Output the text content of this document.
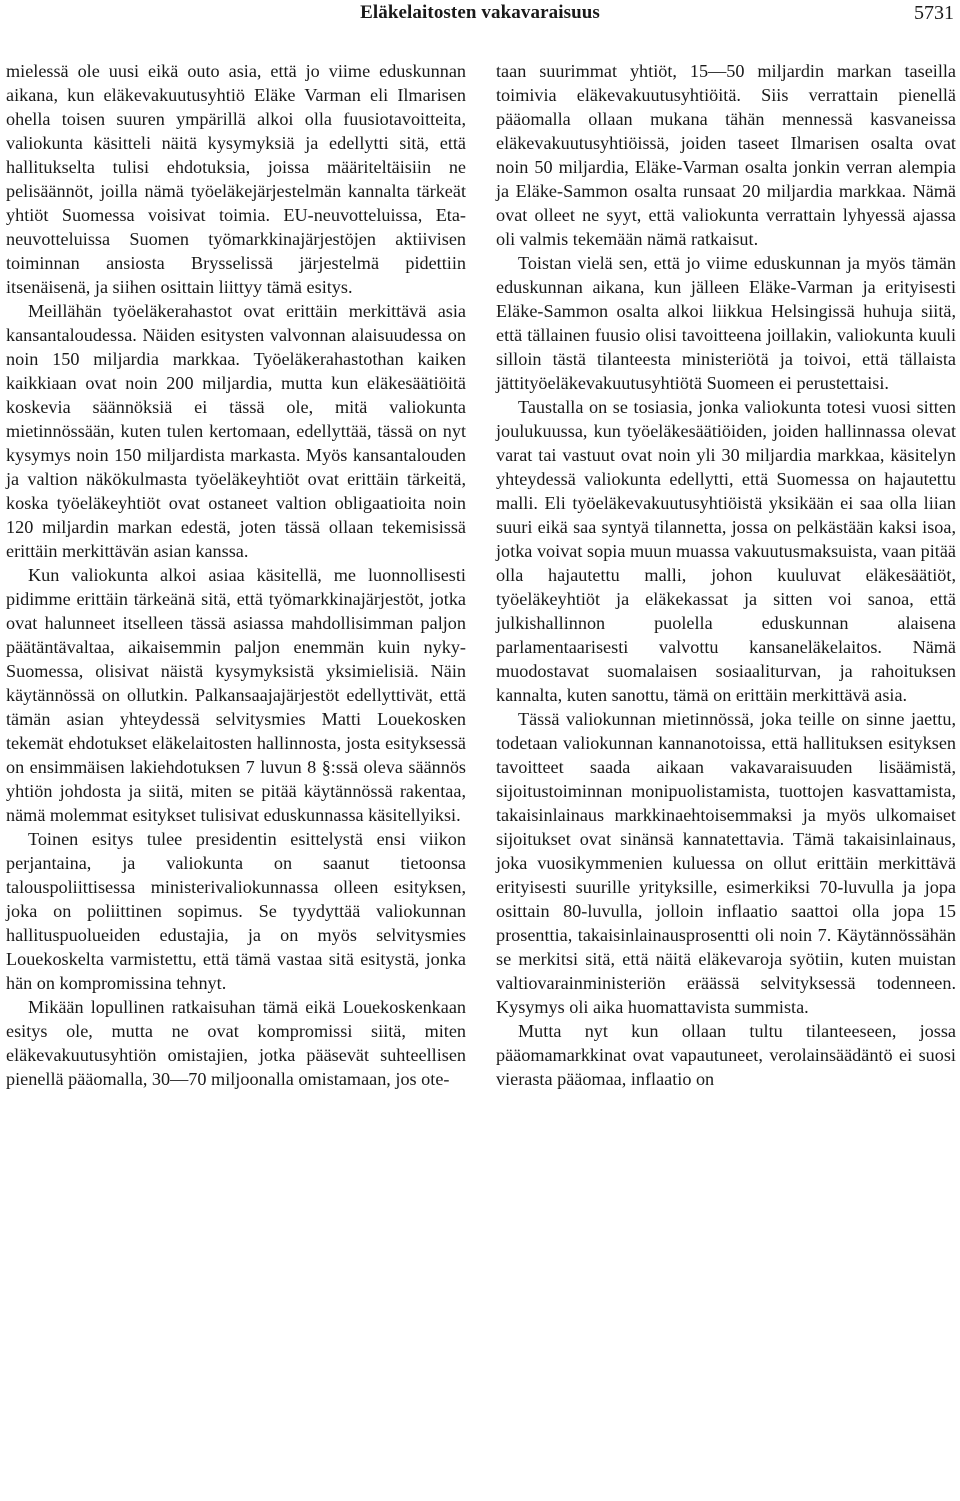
Eläkelaitosten vakavaraisuus	5731

mielessä ole uusi eikä outo asia, että jo viime eduskunnan aikana, kun eläkevakuutusyhtiö Eläke Varman eli Ilmarisen ohella toisen suuren ympärillä alkoi olla fuusiotavoitteita, valiokunta käsitteli näitä kysymyksiä ja edellytti sitä, että hallitukselta tulisi ehdotuksia, joissa määriteltäisiin ne pelisäännöt, joilla nämä työeläkejärjestelmän kannalta tärkeät yhtiöt Suomessa voisivat toimia. EU-neuvotteluissa, Eta-neuvotteluissa Suomen työmarkkinajärjestöjen aktiivisen toiminnan ansiosta Brysselissä järjestelmä pidettiin itsenäisenä, ja siihen osittain liittyy tämä esitys.

Meillähän työeläkerahastot ovat erittäin merkittävä asia kansantaloudessa. Näiden esitysten valvonnan alaisuudessa on noin 150 miljardia markkaa. Työeläkerahastothan kaiken kaikkiaan ovat noin 200 miljardia, mutta kun eläkesäätiöitä koskevia säännöksiä ei tässä ole, mitä valiokunta mietinnössään, kuten tulen kertomaan, edellyttää, tässä on nyt kysymys noin 150 miljardista markasta. Myös kansantalouden ja valtion näkökulmasta työeläkeyhtiöt ovat erittäin tärkeitä, koska työeläkeyhtiöt ovat ostaneet valtion obligaatioita noin 120 miljardin markan edestä, joten tässä ollaan tekemisissä erittäin merkittävän asian kanssa.

Kun valiokunta alkoi asiaa käsitellä, me luonnollisesti pidimme erittäin tärkeänä sitä, että työmarkkinajärjestöt, jotka ovat halunneet itselleen tässä asiassa mahdollisimman paljon päätäntävaltaa, aikaisemmin paljon enemmän kuin nyky-Suomessa, olisivat näistä kysymyksistä yksimielisiä. Näin käytännössä on ollutkin. Palkansaajajärjestöt edellyttivät, että tämän asian yhteydessä selvitysmies Matti Louekosken tekemät ehdotukset eläkelaitosten hallinnosta, josta esityksessä on ensimmäisen lakiehdotuksen 7 luvun 8 §:ssä oleva säännös yhtiön johdosta ja siitä, miten se pitää käytännössä rakentaa, nämä molemmat esitykset tulisivat eduskunnassa käsitellyiksi.

Toinen esitys tulee presidentin esittelystä ensi viikon perjantaina, ja valiokunta on saanut tietoonsa talouspoliittisessa ministerivaliokunnassa olleen esityksen, joka on poliittinen sopimus. Se tyydyttää valiokunnan hallituspuolueiden edustajia, ja on myös selvitysmies Louekoskelta varmistettu, että tämä vastaa sitä esitystä, jonka hän on kompromissina tehnyt.

Mikään lopullinen ratkaisuhan tämä eikä Louekoskenkaan esitys ole, mutta ne ovat kompromissi siitä, miten eläkevakuutusyhtiön omistajien, jotka pääsevät suhteellisen pienellä pääomalla, 30—70 miljoonalla omistamaan, jos ote-

taan suurimmat yhtiöt, 15—50 miljardin markan taseilla toimivia eläkevakuutusyhtiöitä. Siis verrattain pienellä pääomalla ollaan mukana tähän mennessä kasvaneissa eläkevakuutusyhtiöissä, joiden taseet Ilmarisen osalta ovat noin 50 miljardia, Eläke-Varman osalta jonkin verran alempia ja Eläke-Sammon osalta runsaat 20 miljardia markkaa. Nämä ovat olleet ne syyt, että valiokunta verrattain lyhyessä ajassa oli valmis tekemään nämä ratkaisut.

Toistan vielä sen, että jo viime eduskunnan ja myös tämän eduskunnan aikana, kun jälleen Eläke-Varman ja erityisesti Eläke-Sammon osalta alkoi liikkua Helsingissä huhuja siitä, että tällainen fuusio olisi tavoitteena joillakin, valiokunta kuuli silloin tästä tilanteesta ministeriötä ja toivoi, että tällaista jättityöeläkevakuutusyhtiötä Suomeen ei perustettaisi.

Taustalla on se tosiasia, jonka valiokunta totesi vuosi sitten joulukuussa, kun työeläkesäätiöiden, joiden hallinnassa olevat varat tai vastuut ovat noin yli 30 miljardia markkaa, käsitelyn yhteydessä valiokunta edellytti, että Suomessa on hajautettu malli. Eli työeläkevakuutusyhtiöistä yksikään ei saa olla liian suuri eikä saa syntyä tilannetta, jossa on pelkästään kaksi isoa, jotka voivat sopia muun muassa vakuutusmaksuista, vaan pitää olla hajautettu malli, johon kuuluvat eläkesäätiöt, työeläkeyhtiöt ja eläkekassat ja sitten voi sanoa, että julkishallinnon puolella eduskunnan alaisena parlamentaarisesti valvottu kansaneläkelaitos. Nämä muodostavat suomalaisen sosiaaliturvan, ja rahoituksen kannalta, kuten sanottu, tämä on erittäin merkittävä asia.

Tässä valiokunnan mietinnössä, joka teille on sinne jaettu, todetaan valiokunnan kannanotoissa, että hallituksen esityksen tavoitteet saada aikaan vakavaraisuuden lisäämistä, sijoitustoiminnan monipuolistamista, tuottojen kasvattamista, takaisinlainaus markkinaehtoisemmaksi ja myös ulkomaiset sijoitukset ovat sinänsä kannatettavia. Tämä takaisinlainaus, joka vuosikymmenien kuluessa on ollut erittäin merkittävä erityisesti suurille yrityksille, esimerkiksi 70-luvulla ja jopa osittain 80-luvulla, jolloin inflaatio saattoi olla jopa 15 prosenttia, takaisinlainausprosentti oli noin 7. Käytännössähän se merkitsi sitä, että näitä eläkevaroja syötiin, kuten muistan valtiovarainministeriön eräässä selvityksessä todenneen. Kysymys oli aika huomattavista summista.

Mutta nyt kun ollaan tultu tilanteeseen, jossa pääomamarkkinat ovat vapautuneet, verolainsäädäntö ei suosi vierasta pääomaa, inflaatio on
